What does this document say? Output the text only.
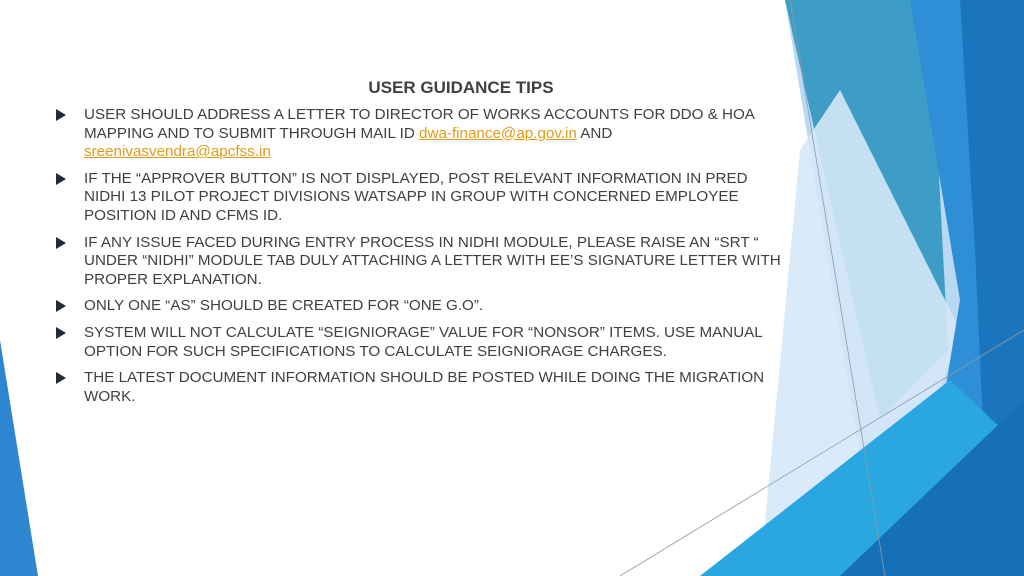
USER GUIDANCE TIPS
USER SHOULD ADDRESS A LETTER TO DIRECTOR OF WORKS ACCOUNTS FOR DDO & HOA MAPPING AND TO SUBMIT THROUGH MAIL ID dwa-finance@ap.gov.in AND sreenivasvendra@apcfss.in
IF THE “APPROVER BUTTON” IS NOT DISPLAYED, POST RELEVANT INFORMATION IN PRED NIDHI 13 PILOT PROJECT DIVISIONS WATSAPP IN GROUP WITH CONCERNED EMPLOYEE POSITION ID AND CFMS ID.
IF ANY ISSUE FACED DURING ENTRY PROCESS IN NIDHI MODULE, PLEASE RAISE AN “SRT “ UNDER “NIDHI” MODULE TAB DULY ATTACHING A LETTER WITH EE’S SIGNATURE LETTER WITH PROPER EXPLANATION.
ONLY ONE “AS” SHOULD BE CREATED FOR “ONE G.O”.
SYSTEM WILL NOT CALCULATE “SEIGNIORAGE” VALUE FOR “NONSOR” ITEMS. USE MANUAL OPTION FOR SUCH SPECIFICATIONS TO CALCULATE SEIGNIORAGE CHARGES.
THE LATEST DOCUMENT INFORMATION SHOULD BE POSTED WHILE DOING THE MIGRATION WORK.
